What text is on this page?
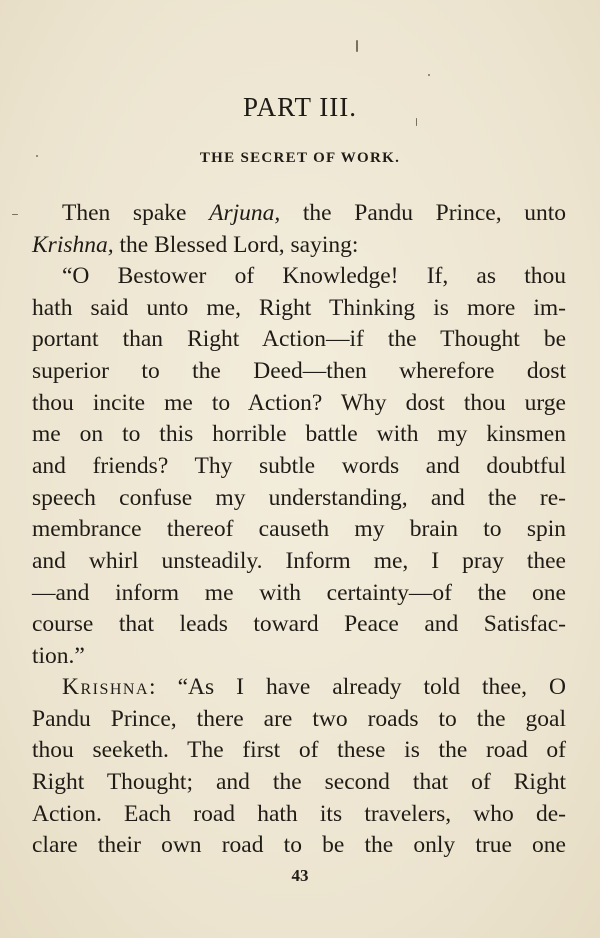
PART III.
THE SECRET OF WORK.
Then spake Arjuna, the Pandu Prince, unto
Krishna, the Blessed Lord, saying:
“O Bestower of Knowledge! If, as thou
hath said unto me, Right Thinking is more im-
portant than Right Action—if the Thought be
superior to the Deed—then wherefore dost
thou incite me to Action? Why dost thou urge
me on to this horrible battle with my kinsmen
and friends? Thy subtle words and doubtful
speech confuse my understanding, and the re-
membrance thereof causeth my brain to spin
and whirl unsteadily. Inform me, I pray thee
—and inform me with certainty—of the one
course that leads toward Peace and Satisfac-
tion.”
Krishna: “As I have already told thee, O
Pandu Prince, there are two roads to the goal
thou seeketh. The first of these is the road of
Right Thought; and the second that of Right
Action. Each road hath its travelers, who de-
clare their own road to be the only true one
43
